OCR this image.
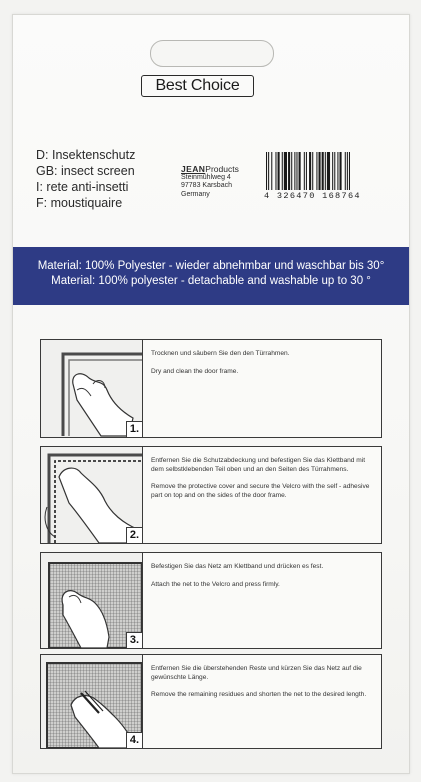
Best Choice
D: Insektenschutz
GB: insect screen
I: rete anti-insetti
F: moustiquaire
JEANProducts
Steinmühlweg 4
97783 Karsbach
Germany	4 326470 168764
Material: 100% Polyester - wieder abnehmbar und waschbar bis 30°
Material: 100% polyester - detachable and washable up to 30 °
1.
Trocknen und säubern Sie den den Türrahmen.
Dry and clean the door frame.
2.
Entfernen Sie die Schutzabdeckung und befestigen Sie das Klettband mit dem selbstklebenden Teil oben und an den Seiten des Türrahmens.
Remove the protective cover and secure the Velcro with the self - adhesive part on top and on the sides of the door frame.
3.
Befestigen Sie das Netz am Klettband und drücken es fest.
Attach the net to the Velcro and press firmly.
4.
Entfernen Sie die überstehenden Reste und kürzen Sie das Netz auf die gewünschte Länge.
Remove the remaining residues and shorten the net to the desired length.
